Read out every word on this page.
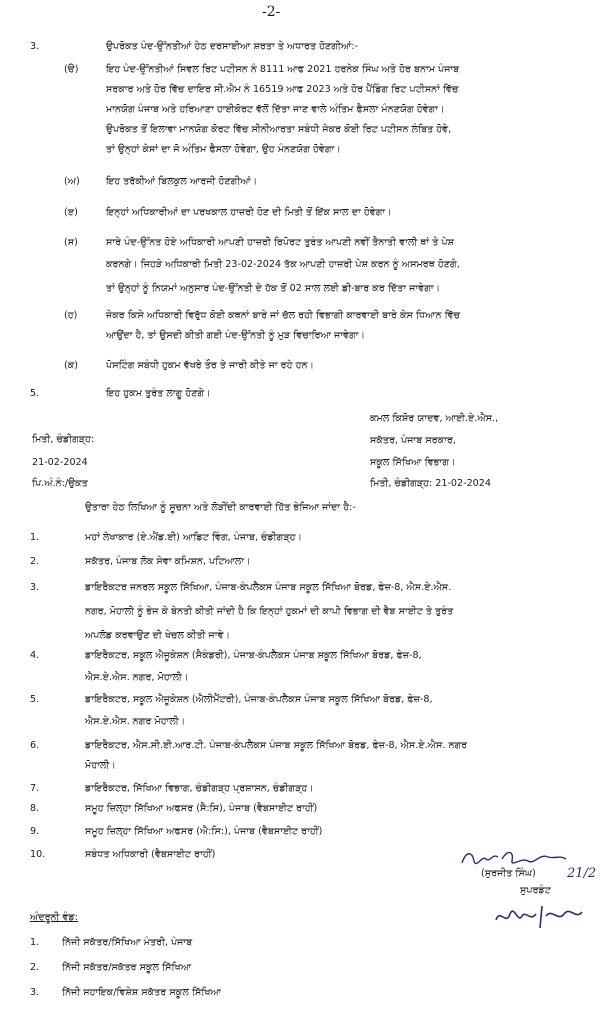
-2-
3.	ਉਪਰੋਕਤ ਪੰਦ-ਉੱਨਤੀਆਂ ਹੇਠ ਦਰਸਾਈਆ ਸ਼ਰਤਾ ਤੇ ਅਧਾਰਤ ਹੋਣਗੀਆਂ:-
(ੳ)	ਇਹ ਪੰਦ-ਉੱਨਤੀਆਂ ਸਿਵਲ ਰਿਟ ਪਟੀਸਨ ਨੰ 8111 ਆਫ 2021 ਹਰਨੇਕ ਸਿੰਘ ਅਤੇ ਹੋਰ ਬਨਾਮ ਪੰਜਾਬ
ਸਰਕਾਰ ਅਤੇ ਹੋਰ ਵਿੱਚ ਦਾਇਰ ਸੀ.ਐਮ ਨੰ 16519 ਆਫ 2023 ਅਤੇ ਹੋਰ ਪੈਂਡਿੰਗ ਰਿਟ ਪਟੀਸਨਾਂ ਵਿੱਚ
ਮਾਨਯੋਗ ਪੰਜਾਬ ਅਤੇ ਹਰਿਆਣਾ ਹਾਈਕੋਰਟ ਵੱਲੋਂ ਦਿੱਤਾ ਜਾਣ ਵਾਲੇ ਅੰਤਿਮ ਫੈਸਲਾ ਮੰਨਣਯੋਗ ਹੋਵੇਗਾ।
ਉਪਰੋਕਤ ਤੋਂ ਇਲਾਵਾ ਮਾਨਯੋਗ ਕੋਰਟ ਵਿੱਚ ਸੀਨੀਆਰਤਾ ਸਬੰਧੀ ਜੇਕਰ ਕੋਈ ਰਿਟ ਪਟੀਸਨ ਲੰਬਿਤ ਹੋਵੇ,
ਤਾਂ ਉਨ੍ਹਾਂ ਕੇਸਾਂ ਦਾ ਜੋ ਅੰਤਿਮ ਫੈਸਲਾ ਹੋਵੇਗਾ, ਉਹ ਮੰਨਣਯੋਗ ਹੋਵੇਗਾ।
(ਅ)	ਇਹ ਤਰੱਕੀਆਂ ਬਿਲਕੁਲ ਆਰਜੀ ਹੋਣਗੀਆਂ।
(ੲ)	ਇਨ੍ਹਾਂ ਅਧਿਕਾਰੀਆਂ ਦਾ ਪਰਖਕਾਲ ਹਾਜ਼ਰੀ ਹੋਣ ਦੀ ਮਿਤੀ ਤੋਂ ਇੱਕ ਸਾਲ ਦਾ ਹੋਵੇਗਾ।
(ਸ)	ਸਾਰੇ ਪੰਦ-ਉੱਨਤ ਹੋਏ ਅਧਿਕਾਰੀ ਆਪਣੀ ਹਾਜ਼ਰੀ ਰਿਪੋਰਟ ਤੁਰੰਤ ਆਪਣੀ ਨਵੀਂ ਤੈਨਾਤੀ ਵਾਲੀ ਥਾਂ ਤੇ ਪੇਸ਼
ਕਰਨਗੇ। ਜਿਹੜੇ ਅਧਿਕਾਰੀ ਮਿਤੀ 23-02-2024 ਤੱਕ ਆਪਣੀ ਹਾਜ਼ਰੀ ਪੇਸ਼ ਕਰਨ ਨੂੰ ਅਸਮਰਥ ਹੋਣਗੇ,
ਤਾਂ ਉਨ੍ਹਾਂ ਨੂੰ ਨਿਯਮਾਂ ਅਨੁਸਾਰ ਪੰਦ-ਉੱਨਤੀ ਦੇ ਹੱਕ ਤੋਂ 02 ਸਾਲ ਲਈ ਡੀ-ਬਾਰ ਕਰ ਦਿੱਤਾ ਜਾਵੇਗਾ।
(ਹ)	ਜੇਕਰ ਕਿਸੇ ਅਧਿਕਾਰੀ ਵਿਰੁੱਧ ਕੋਈ ਕਥਨਾਂ ਬਾਰੇ ਜਾਂ ਚੱਲ ਰਹੀ ਵਿਭਾਗੀ ਕਾਰਵਾਈ ਬਾਰੇ ਕੇਸ ਧਿਆਨ ਵਿੱਚ
ਆਉਂਦਾ ਹੈ, ਤਾਂ ਉਸਦੀ ਕੀਤੀ ਗਈ ਪੰਦ-ਉੱਨਤੀ ਨੂੰ ਮੁੜ ਵਿਚਾਰਿਆ ਜਾਵੇਗਾ।
(ਕ)	ਪੋਸਟਿੰਗ ਸਬੰਧੀ ਹੁਕਮ ਵੱਖਰੇ ਤੌਰ ਤੇ ਜਾਰੀ ਕੀਤੇ ਜਾ ਰਹੇ ਹਨ।
5.	ਇਹ ਹੁਕਮ ਤੁਰੰਤ ਲਾਗੂ ਹੋਣਗੇ।
ਕਮਲ ਕਿਸ਼ੋਰ ਯਾਦਵ, ਆਈ.ਏ.ਐਸ.,
ਸਕੱਤਰ, ਪੰਜਾਬ ਸਰਕਾਰ,
ਸਕੂਲ ਸਿੱਖਿਆ ਵਿਭਾਗ।
ਮਿਤੀ, ਚੰਡੀਗੜ੍ਹ:
21-02-2024
ਪਿ.ਅੰ.ਨੰ:/ਉਕਤ	ਮਿਤੀ, ਚੰਡੀਗੜ੍ਹ: 21-02-2024
ਉਤਾਰਾ ਹੇਠ ਲਿਖਿਆ ਨੂੰ ਸੂਚਨਾ ਅਤੇ ਲੋੜੀਂਦੀ ਕਾਰਵਾਈ ਹਿੱਤ ਭੇਜਿਆ ਜਾਂਦਾ ਹੈ:-
1.	ਮਹਾਂ ਲੇਖਾਕਾਰ (ਏ.ਐਂਡ.ਈ) ਆਡਿਟ ਵਿੰਗ, ਪੰਜਾਬ, ਚੰਡੀਗੜ੍ਹ।
2.	ਸਕੱਤਰ, ਪੰਜਾਬ ਲੋਕ ਸੇਵਾ ਕਮਿਸ਼ਨ, ਪਟਿਆਲਾ।
3.	ਡਾਇਰੈਕਟਰ ਜਨਰਲ ਸਕੂਲ ਸਿੱਖਿਆ, ਪੰਜਾਬ-ਕੰਪਲੈਕਸ ਪੰਜਾਬ ਸਕੂਲ ਸਿੱਖਿਆ ਬੋਰਡ, ਫੇਜ਼-8, ਐਸ.ਏ.ਐਸ.
ਨਗਰ, ਮੋਹਾਲੀ ਨੂੰ ਭੇਜ ਕੇ ਬੇਨਤੀ ਕੀਤੀ ਜਾਂਦੀ ਹੈ ਕਿ ਇਨ੍ਹਾਂ ਹੁਕਮਾਂ ਦੀ ਕਾਪੀ ਵਿਭਾਗ ਦੀ ਵੈਬ ਸਾਈਟ ਤੇ ਤੁਰੰਤ
ਅਪਲੋਡ ਕਰਵਾਉਣ ਦੀ ਖੇਚਲ ਕੀਤੀ ਜਾਵੇ।
4.	ਡਾਇਰੈਕਟਰ, ਸਕੂਲ ਐਜੂਕੇਸ਼ਨ (ਸੈਕੰਡਰੀ), ਪੰਜਾਬ-ਕੰਪਲੈਕਸ ਪੰਜਾਬ ਸਕੂਲ ਸਿੱਖਿਆ ਬੋਰਡ, ਫੇਜ਼-8,
ਐਸ.ਏ.ਐਸ. ਨਗਰ, ਮੋਹਾਲੀ।
5.	ਡਾਇਰੈਕਟਰ, ਸਕੂਲ ਐਜੂਕੇਸ਼ਨ (ਐਲੀਮੈਂਟਰੀ), ਪੰਜਾਬ-ਕੰਪਲੈਕਸ ਪੰਜਾਬ ਸਕੂਲ ਸਿੱਖਿਆ ਬੋਰਡ, ਫੇਜ਼-8,
ਐਸ.ਏ.ਐਸ. ਨਗਰ ਮੋਹਾਲੀ।
6.	ਡਾਇਰੈਕਟਰ, ਐਸ.ਸੀ.ਈ.ਆਰ.ਟੀ. ਪੰਜਾਬ-ਕੰਪਲੈਕਸ ਪੰਜਾਬ ਸਕੂਲ ਸਿੱਖਿਆ ਬੋਰਡ, ਫੇਜ਼-8, ਐਸ.ਏ.ਐਸ. ਨਗਰ
ਮੋਹਾਲੀ।
7.	ਡਾਇਰੈਕਟਰ, ਸਿੱਖਿਆ ਵਿਭਾਗ, ਚੰਡੀਗੜ੍ਹ ਪ੍ਰਸ਼ਾਸਨ, ਚੰਡੀਗੜ੍ਹ।
8.	ਸਮੂਹ ਜ਼ਿਲ੍ਹਾ ਸਿੱਖਿਆ ਅਫਸਰ (ਸੈ:ਸਿ), ਪੰਜਾਬ (ਵੈਬਸਾਈਟ ਰਾਹੀਂ)
9.	ਸਮੂਹ ਜ਼ਿਲ੍ਹਾ ਸਿੱਖਿਆ ਅਫਸਰ (ਐ:ਸਿ:), ਪੰਜਾਬ (ਵੈਬਸਾਈਟ ਰਾਹੀਂ)
10.	ਸਬੰਧਤ ਅਧਿਕਾਰੀ (ਵੈਬਸਾਈਟ ਰਾਹੀਂ)
(ਸੁਰਜੀਤ ਸਿੰਘ) 21/2
ਸੁਪਰਡੰਟ
ਅੰਦਰੂਨੀ ਵੰਡ:
1. ਨਿੱਜੀ ਸਕੱਤਰ/ਸਿੱਖਿਆ ਮੰਤਰੀ, ਪੰਜਾਬ
2. ਨਿੱਜੀ ਸਕੱਤਰ/ਸਕੱਤਰ ਸਕੂਲ ਸਿੱਖਿਆ
3. ਨਿੱਜੀ ਸਹਾਇਕ/ਵਿਸ਼ੇਸ਼ ਸਕੱਤਰ ਸਕੂਲ ਸਿੱਖਿਆ
